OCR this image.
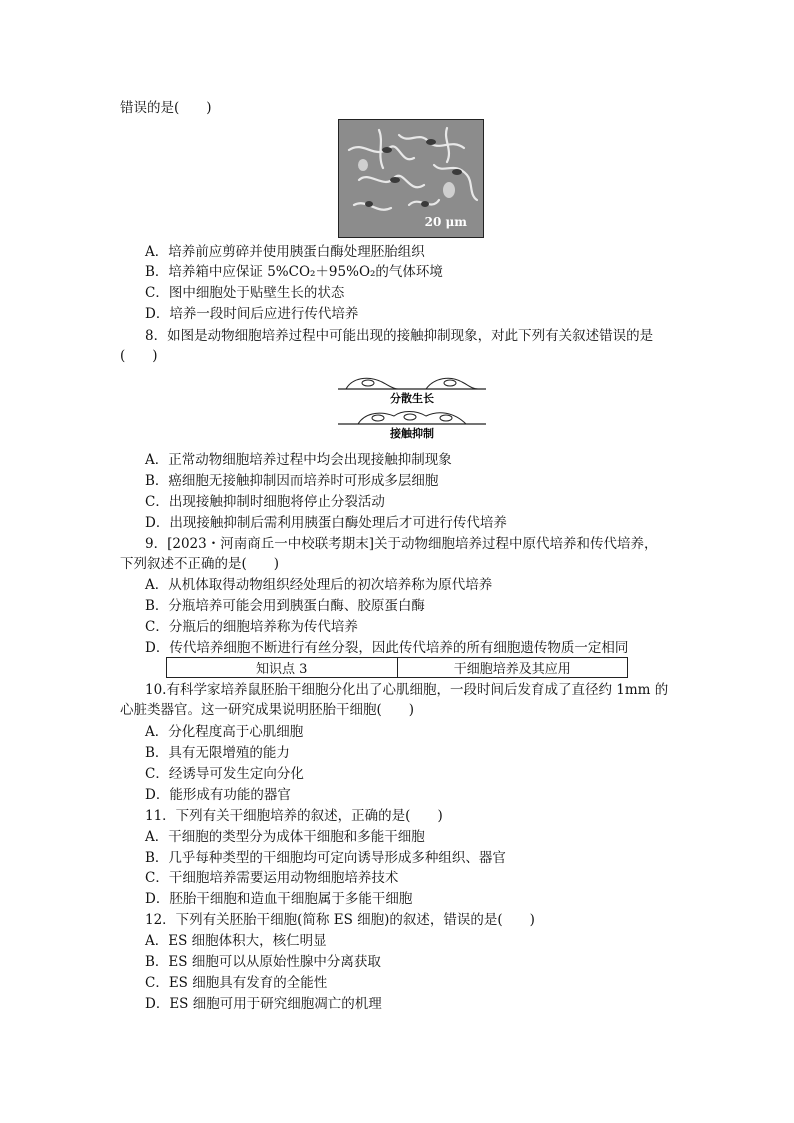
错误的是(　　)
20 μm
A．培养前应剪碎并使用胰蛋白酶处理胚胎组织
B．培养箱中应保证 5%CO₂＋95%O₂的气体环境
C．图中细胞处于贴壁生长的状态
D．培养一段时间后应进行传代培养
8．如图是动物细胞培养过程中可能出现的接触抑制现象，对此下列有关叙述错误的是
(　　)
分散生长
接触抑制
A．正常动物细胞培养过程中均会出现接触抑制现象
B．癌细胞无接触抑制因而培养时可形成多层细胞
C．出现接触抑制时细胞将停止分裂活动
D．出现接触抑制后需利用胰蛋白酶处理后才可进行传代培养
9．[2023・河南商丘一中校联考期末]关于动物细胞培养过程中原代培养和传代培养，
下列叙述不正确的是(　　)
A．从机体取得动物组织经处理后的初次培养称为原代培养
B．分瓶培养可能会用到胰蛋白酶、胶原蛋白酶
C．分瓶后的细胞培养称为传代培养
D．传代培养细胞不断进行有丝分裂，因此传代培养的所有细胞遗传物质一定相同
知识点 3	干细胞培养及其应用
10.有科学家培养鼠胚胎干细胞分化出了心肌细胞，一段时间后发育成了直径约 1mm 的
心脏类器官。这一研究成果说明胚胎干细胞(　　)
A．分化程度高于心肌细胞
B．具有无限增殖的能力
C．经诱导可发生定向分化
D．能形成有功能的器官
11．下列有关干细胞培养的叙述，正确的是(　　)
A．干细胞的类型分为成体干细胞和多能干细胞
B．几乎每种类型的干细胞均可定向诱导形成多种组织、器官
C．干细胞培养需要运用动物细胞培养技术
D．胚胎干细胞和造血干细胞属于多能干细胞
12．下列有关胚胎干细胞(简称 ES 细胞)的叙述，错误的是(　　)
A．ES 细胞体积大，核仁明显
B．ES 细胞可以从原始性腺中分离获取
C．ES 细胞具有发育的全能性
D．ES 细胞可用于研究细胞凋亡的机理
